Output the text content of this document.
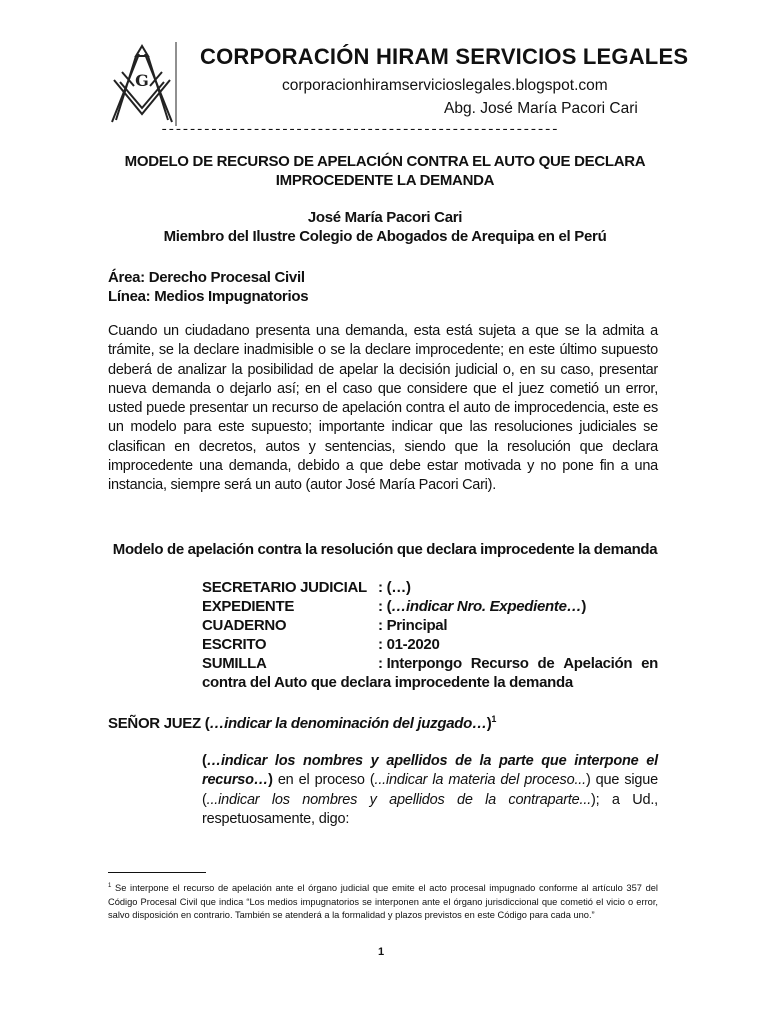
G
CORPORACIÓN HIRAM SERVICIOS LEGALES
corporacionhiramservicioslegales.blogspot.com
Abg. José María Pacori Cari
--------------------------------------------------------
MODELO DE RECURSO DE APELACIÓN CONTRA EL AUTO QUE DECLARA
IMPROCEDENTE LA DEMANDA
José María Pacori Cari
Miembro del Ilustre Colegio de Abogados de Arequipa en el Perú
Área: Derecho Procesal Civil
Línea: Medios Impugnatorios
Cuando un ciudadano presenta una demanda, esta está sujeta a que se la admita a trámite, se la declare inadmisible o se la declare improcedente; en este último supuesto deberá de analizar la posibilidad de apelar la decisión judicial o, en su caso, presentar nueva demanda o dejarlo así; en el caso que considere que el juez cometió un error, usted puede presentar un recurso de apelación contra el auto de improcedencia, este es un modelo para este supuesto; importante indicar que las resoluciones judiciales se clasifican en decretos, autos y sentencias, siendo que la resolución que declara improcedente una demanda, debido a que debe estar motivada y no pone fin a una instancia, siempre será un auto (autor José María Pacori Cari).
Modelo de apelación contra la resolución que declara improcedente la demanda
SECRETARIO JUDICIAL : (…)
EXPEDIENTE	: (…indicar Nro. Expediente…)
CUADERNO	: Principal
ESCRITO	: 01-2020
SUMILLA	: Interpongo Recurso de Apelación en
contra del Auto que declara improcedente la demanda
SEÑOR JUEZ (…indicar la denominación del juzgado…)$^1$
(…indicar los nombres y apellidos de la parte que interpone el recurso…) en el proceso (...indicar la materia del proceso...) que sigue (...indicar los nombres y apellidos de la contraparte...); a Ud., respetuosamente, digo:
$^1$ Se interpone el recurso de apelación ante el órgano judicial que emite el acto procesal impugnado conforme al artículo 357 del Código Procesal Civil que indica “Los medios impugnatorios se interponen ante el órgano jurisdiccional que cometió el vicio o error, salvo disposición en contrario. También se atenderá a la formalidad y plazos previstos en este Código para cada uno.”
1
